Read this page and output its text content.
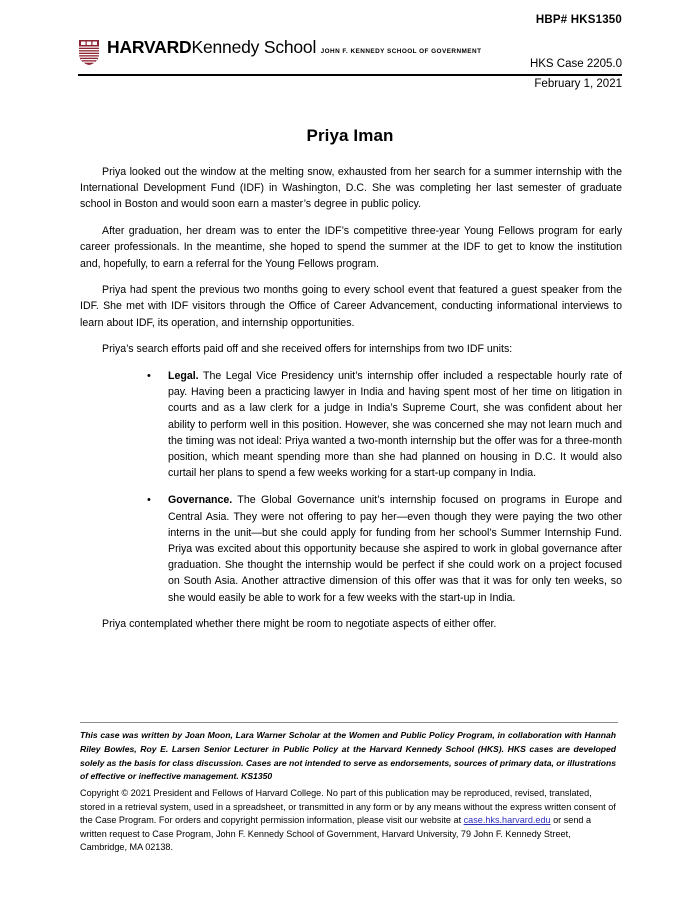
HBP# HKS1350
HARVARDKennedy School JOHN F. KENNEDY SCHOOL OF GOVERNMENT
HKS Case 2205.0
February 1, 2021
Priya Iman

Priya looked out the window at the melting snow, exhausted from her search for a summer internship with the International Development Fund (IDF) in Washington, D.C. She was completing her last semester of graduate school in Boston and would soon earn a master’s degree in public policy.

After graduation, her dream was to enter the IDF’s competitive three-year Young Fellows program for early career professionals. In the meantime, she hoped to spend the summer at the IDF to get to know the institution and, hopefully, to earn a referral for the Young Fellows program.

Priya had spent the previous two months going to every school event that featured a guest speaker from the IDF. She met with IDF visitors through the Office of Career Advancement, conducting informational interviews to learn about IDF, its operation, and internship opportunities.

Priya’s search efforts paid off and she received offers for internships from two IDF units:

• Legal. The Legal Vice Presidency unit’s internship offer included a respectable hourly rate of pay. Having been a practicing lawyer in India and having spent most of her time on litigation in courts and as a law clerk for a judge in India’s Supreme Court, she was confident about her ability to perform well in this position. However, she was concerned she may not learn much and the timing was not ideal: Priya wanted a two-month internship but the offer was for a three-month position, which meant spending more than she had planned on housing in D.C. It would also curtail her plans to spend a few weeks working for a start-up company in India.
• Governance. The Global Governance unit’s internship focused on programs in Europe and Central Asia. They were not offering to pay her—even though they were paying the two other interns in the unit—but she could apply for funding from her school’s Summer Internship Fund. Priya was excited about this opportunity because she aspired to work in global governance after graduation. She thought the internship would be perfect if she could work on a project focused on South Asia. Another attractive dimension of this offer was that it was for only ten weeks, so she would easily be able to work for a few weeks with the start-up in India.

Priya contemplated whether there might be room to negotiate aspects of either offer.

This case was written by Joan Moon, Lara Warner Scholar at the Women and Public Policy Program, in collaboration with Hannah Riley Bowles, Roy E. Larsen Senior Lecturer in Public Policy at the Harvard Kennedy School (HKS). HKS cases are developed solely as the basis for class discussion. Cases are not intended to serve as endorsements, sources of primary data, or illustrations of effective or ineffective management. KS1350
Copyright © 2021 President and Fellows of Harvard College. No part of this publication may be reproduced, revised, translated, stored in a retrieval system, used in a spreadsheet, or transmitted in any form or by any means without the express written consent of the Case Program. For orders and copyright permission information, please visit our website at case.hks.harvard.edu or send a written request to Case Program, John F. Kennedy School of Government, Harvard University, 79 John F. Kennedy Street, Cambridge, MA 02138.
